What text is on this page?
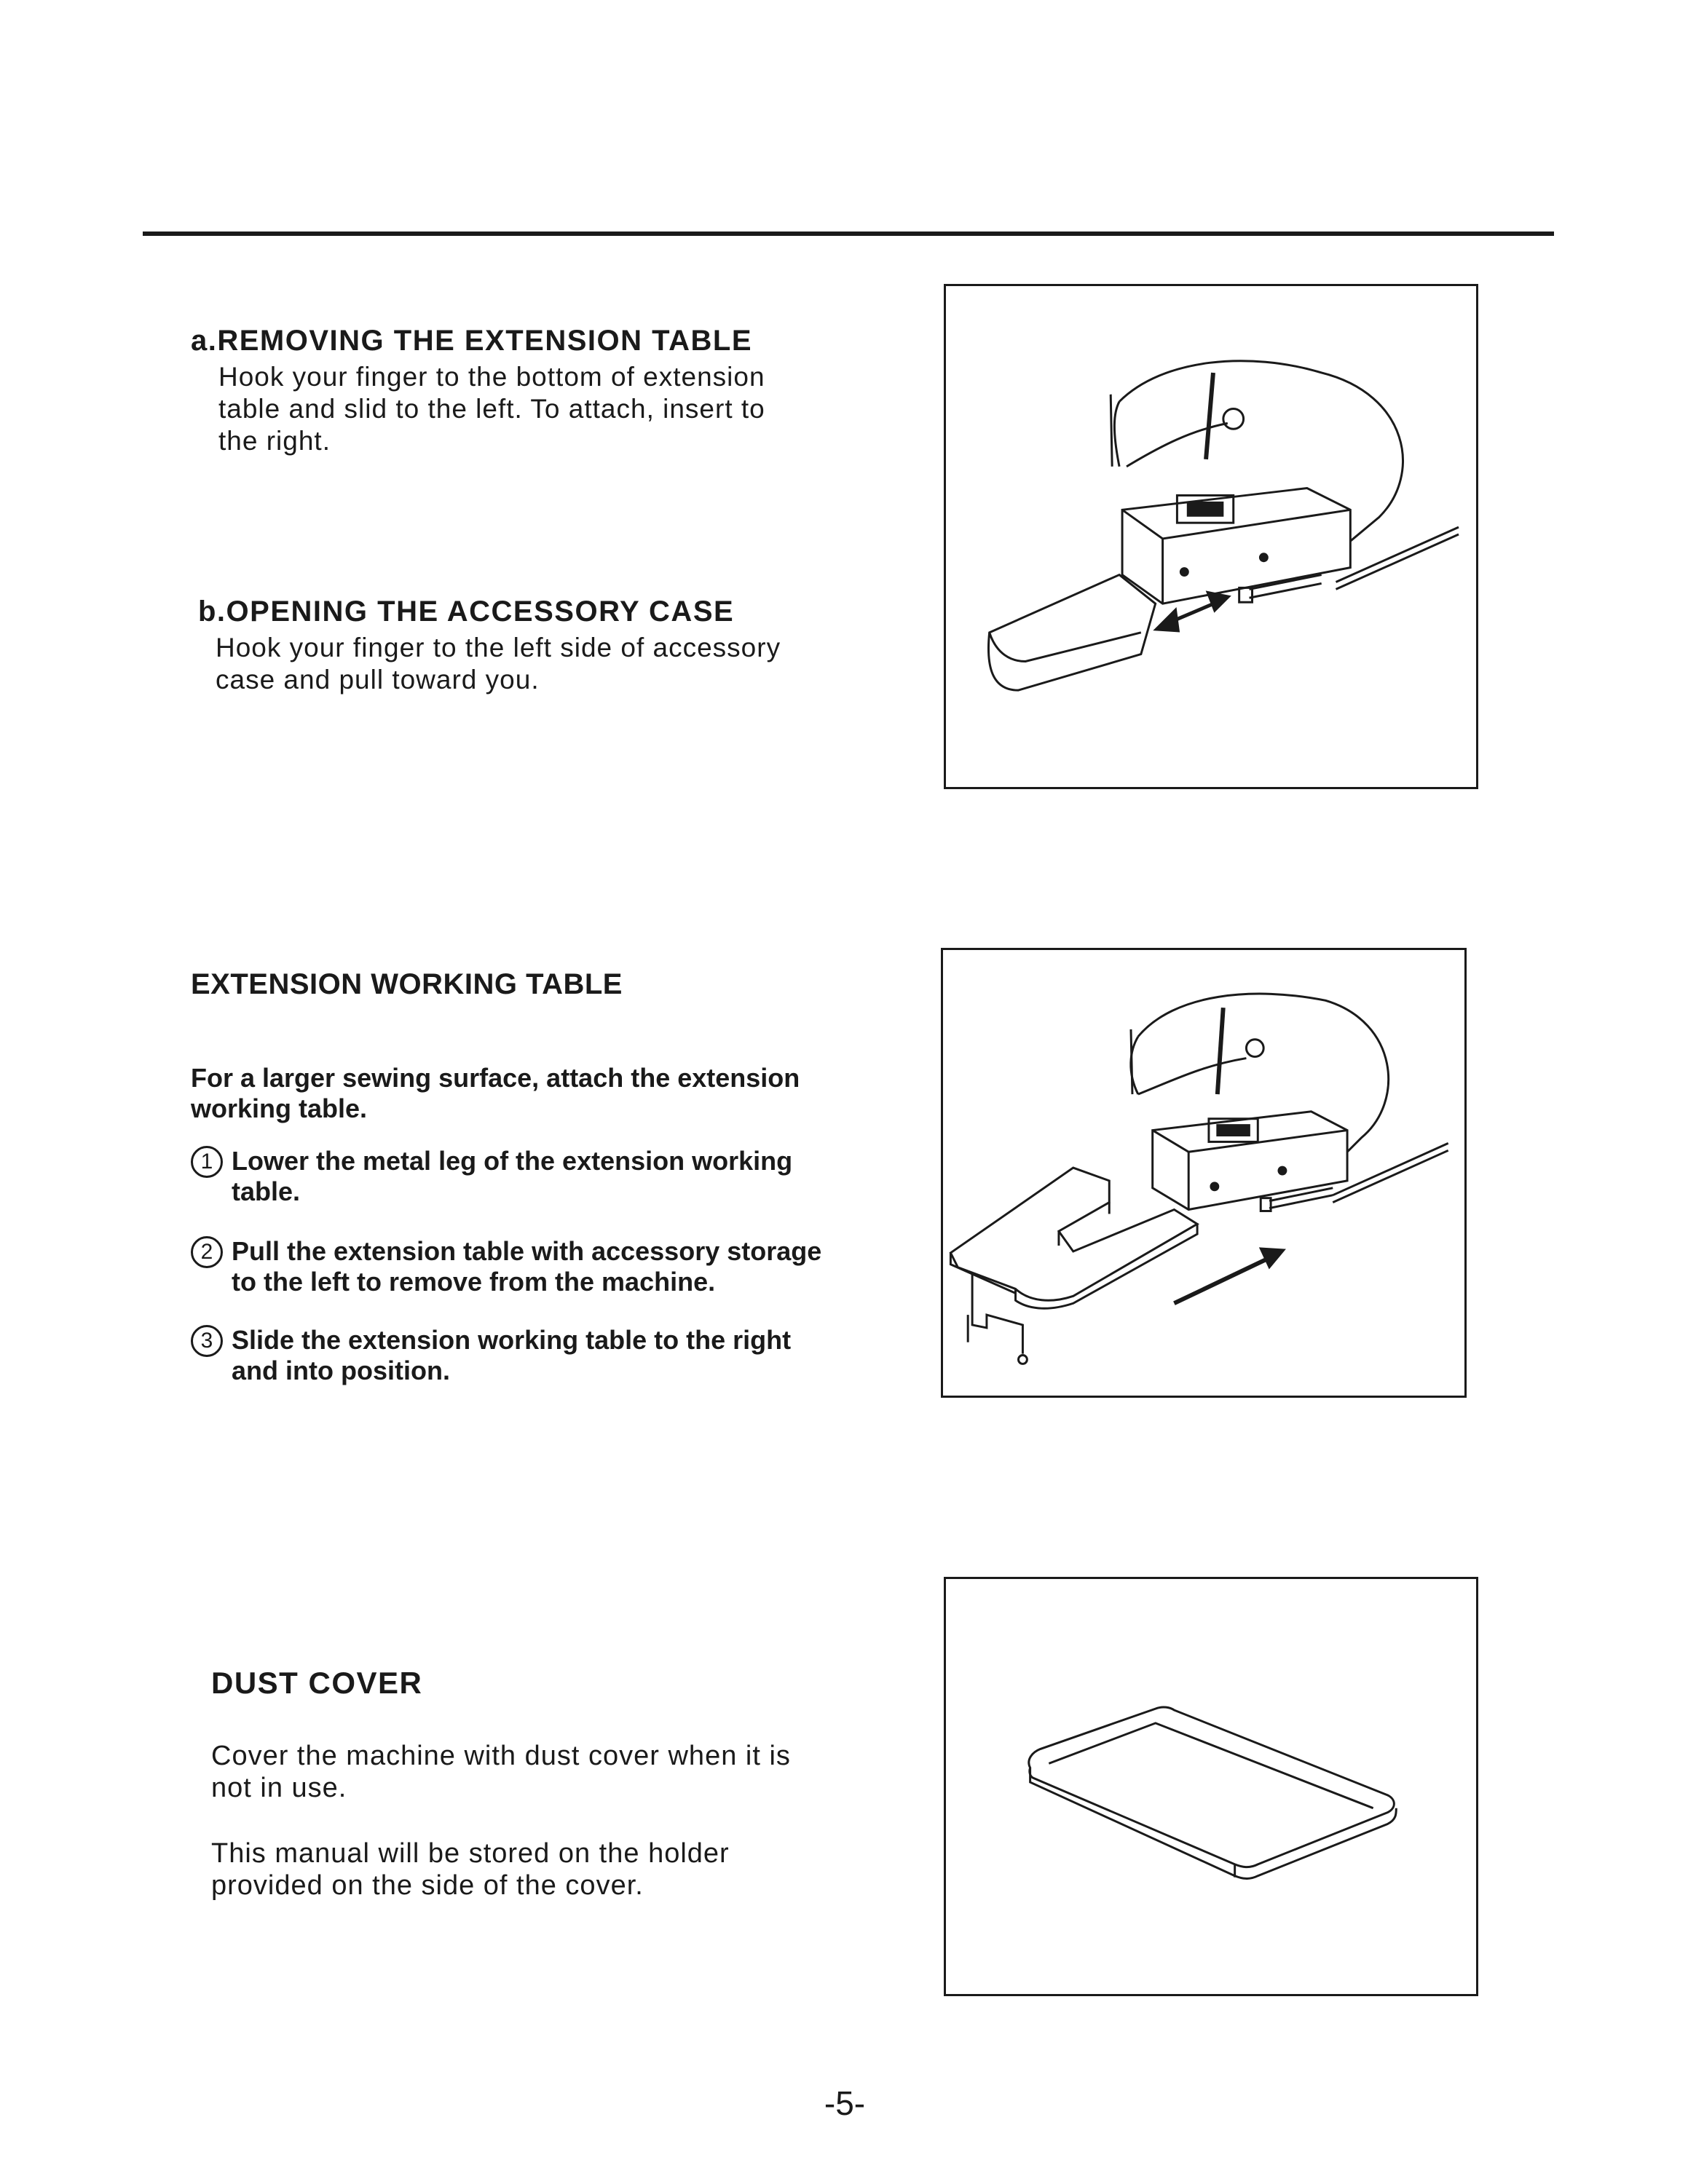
a.REMOVING THE EXTENSION TABLE
Hook your finger to the bottom of extension
table and slid to the left. To attach, insert to
the right.
b.OPENING THE ACCESSORY CASE
Hook your finger to the left side of accessory
case and pull toward you.
EXTENSION WORKING TABLE
For a larger sewing surface, attach the extension
working table.
1 Lower the metal leg of the extension working
table.
2 Pull the extension table with accessory storage
to the left to remove from the machine.
3 Slide the extension working table to the right
and into position.
DUST COVER
Cover the machine with dust cover when it is
not in use.
This manual will be stored on the holder
provided on the side of the cover.
-5-
